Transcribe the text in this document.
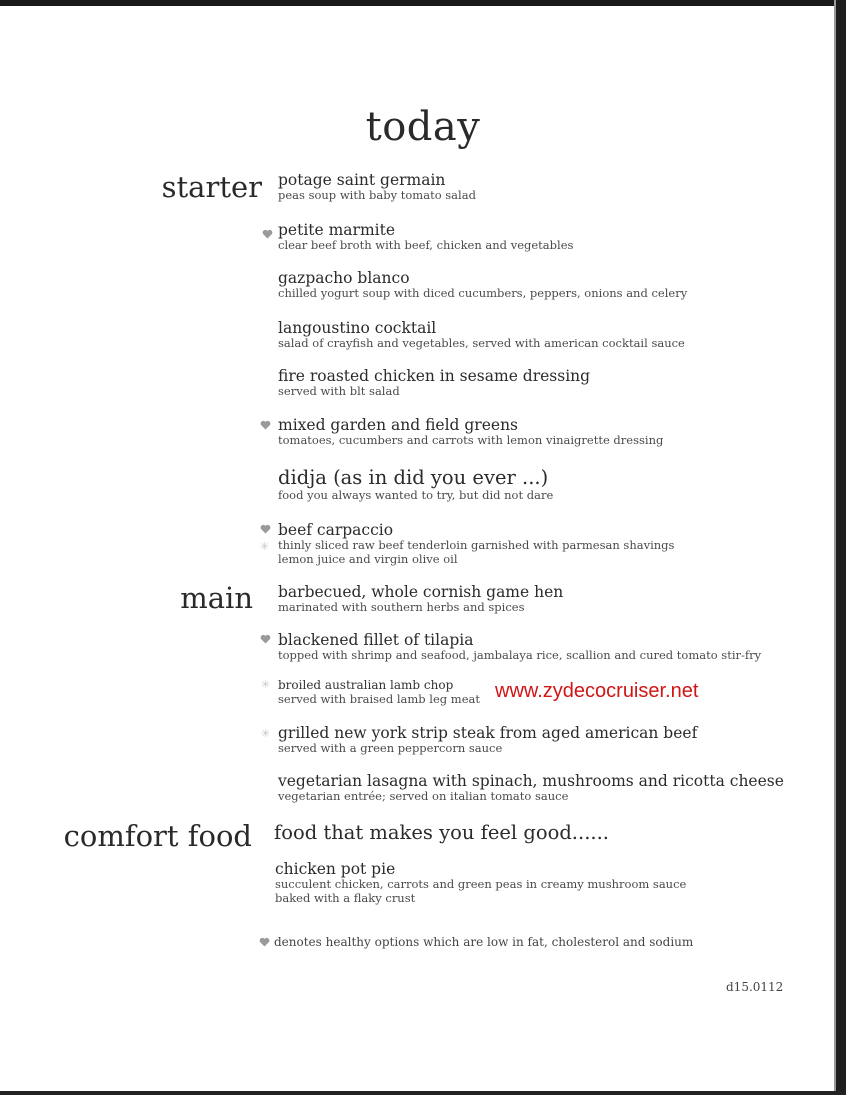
today
starter
main
comfort food
potage saint germain
peas soup with baby tomato salad
petite marmite
clear beef broth with beef, chicken and vegetables
gazpacho blanco
chilled yogurt soup with diced cucumbers, peppers, onions and celery
langoustino cocktail
salad of crayfish and vegetables, served with american cocktail sauce
fire roasted chicken in sesame dressing
served with blt salad
mixed garden and field greens
tomatoes, cucumbers and carrots with lemon vinaigrette dressing
didja (as in did you ever ...)
food you always wanted to try, but did not dare
✳
beef carpaccio
thinly sliced raw beef tenderloin garnished with parmesan shavings
lemon juice and virgin olive oil
barbecued, whole cornish game hen
marinated with southern herbs and spices
blackened fillet of tilapia
topped with shrimp and seafood, jambalaya rice, scallion and cured tomato stir-fry
✳ broiled australian lamb chop
served with braised lamb leg meat www.zydecocruiser.net
✳ grilled new york strip steak from aged american beef
served with a green peppercorn sauce
vegetarian lasagna with spinach, mushrooms and ricotta cheese
vegetarian entrée; served on italian tomato sauce
food that makes you feel good......
chicken pot pie
succulent chicken, carrots and green peas in creamy mushroom sauce
baked with a flaky crust
denotes healthy options which are low in fat, cholesterol and sodium
d15.0112
